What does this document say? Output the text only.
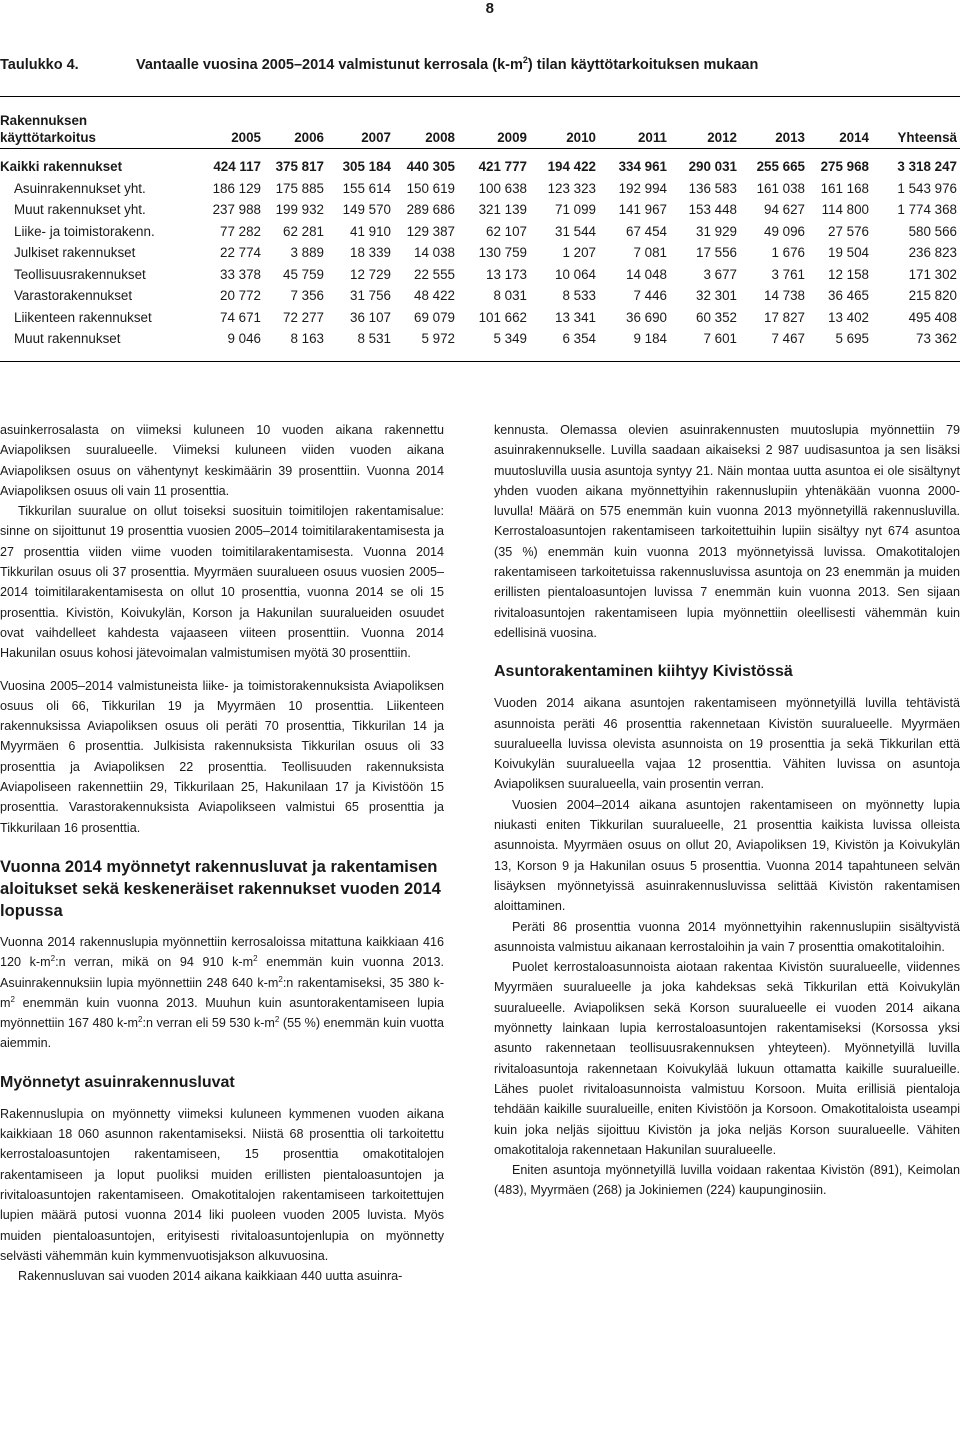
8
Taulukko 4.	Vantaalle vuosina 2005–2014 valmistunut kerrosala $(k-m^2)$ tilan käyttötarkoituksen mukaan
Rakennuksen
käyttötarkoitus	2005	2006	2007	2008	2009	2010	2011	2012	2013	2014	Yhteensä
Kaikki rakennukset	424 117	375 817	305 184	440 305	421 777	194 422	334 961	290 031	255 665	275 968	3 318 247
Asuinrakennukset yht.	186 129	175 885	155 614	150 619	100 638	123 323	192 994	136 583	161 038	161 168	1 543 976
Muut rakennukset yht.	237 988	199 932	149 570	289 686	321 139	71 099	141 967	153 448	94 627	114 800	1 774 368
Liike- ja toimistorakenn.	77 282	62 281	41 910	129 387	62 107	31 544	67 454	31 929	49 096	27 576	580 566
Julkiset rakennukset	22 774	3 889	18 339	14 038	130 759	1 207	7 081	17 556	1 676	19 504	236 823
Teollisuusrakennukset	33 378	45 759	12 729	22 555	13 173	10 064	14 048	3 677	3 761	12 158	171 302
Varastorakennukset	20 772	7 356	31 756	48 422	8 031	8 533	7 446	32 301	14 738	36 465	215 820
Liikenteen rakennukset	74 671	72 277	36 107	69 079	101 662	13 341	36 690	60 352	17 827	13 402	495 408
Muut rakennukset	9 046	8 163	8 531	5 972	5 349	6 354	9 184	7 601	7 467	5 695	73 362

asuinkerrosalasta on viimeksi kuluneen 10 vuoden aikana rakennettu Aviapoliksen suuralueelle. Viimeksi kuluneen viiden vuoden aikana Aviapoliksen osuus on vähentynyt keskimäärin 39 prosenttiin. Vuonna 2014 Aviapoliksen osuus oli vain 11 prosenttia.

Tikkurilan suuralue on ollut toiseksi suosituin toimitilojen rakentamisalue: sinne on sijoittunut 19 prosenttia vuosien 2005–2014 toimitilarakentamisesta ja 27 prosenttia viiden viime vuoden toimitilarakentamisesta. Vuonna 2014 Tikkurilan osuus oli 37 prosenttia. Myyrmäen suuralueen osuus vuosien 2005–2014 toimitilarakentamisesta on ollut 10 prosenttia, vuonna 2014 se oli 15 prosenttia. Kivistön, Koivukylän, Korson ja Hakunilan suuralueiden osuudet ovat vaihdelleet kahdesta vajaaseen viiteen prosenttiin. Vuonna 2014 Hakunilan osuus kohosi jätevoimalan valmistumisen myötä 30 prosenttiin.

Vuosina 2005–2014 valmistuneista liike- ja toimistorakennuksista Aviapoliksen osuus oli 66, Tikkurilan 19 ja Myyrmäen 10 prosenttia. Liikenteen rakennuksissa Aviapoliksen osuus oli peräti 70 prosenttia, Tikkurilan 14 ja Myyrmäen 6 prosenttia. Julkisista rakennuksista Tikkurilan osuus oli 33 prosenttia ja Aviapoliksen 22 prosenttia. Teollisuuden rakennuksista Aviapoliseen rakennettiin 29, Tikkurilaan 25, Hakunilaan 17 ja Kivistöön 15 prosenttia. Varastorakennuksista Aviapolikseen valmistui 65 prosenttia ja Tikkurilaan 16 prosenttia.

Vuonna 2014 myönnetyt rakennusluvat ja rakentamisen aloitukset sekä keskeneräiset rakennukset vuoden 2014 lopussa

Vuonna 2014 rakennuslupia myönnettiin kerrosaloissa mitattuna kaikkiaan 416 120 $k-m^2:n$ verran, mikä on 94 910 $k-m^2$ enemmän kuin vuonna 2013. Asuinrakennuksiin lupia myönnettiin 248 640 $k-m^2:n$ rakentamiseksi, 35 380 $k-m^2$ enemmän kuin vuonna 2013. Muuhun kuin asuntorakentamiseen lupia myönnettiin 167 480 $k-m^2:n$ verran eli 59 530 $k-m^2$ (55 %) enemmän kuin vuotta aiemmin.

Myönnetyt asuinrakennusluvat

Rakennuslupia on myönnetty viimeksi kuluneen kymmenen vuoden aikana kaikkiaan 18 060 asunnon rakentamiseksi. Niistä 68 prosenttia oli tarkoitettu kerrostaloasuntojen rakentamiseen, 15 prosenttia omakotitalojen rakentamiseen ja loput puoliksi muiden erillisten pientaloasuntojen ja rivitaloasuntojen rakentamiseen. Omakotitalojen rakentamiseen tarkoitettujen lupien määrä putosi vuonna 2014 liki puoleen vuoden 2005 luvista. Myös muiden pientaloasuntojen, erityisesti rivitaloasuntojenlupia on myönnetty selvästi vähemmän kuin kymmenvuotisjakson alkuvuosina.

Rakennusluvan sai vuoden 2014 aikana kaikkiaan 440 uutta asuinra-

kennusta. Olemassa olevien asuinrakennusten muutoslupia myönnettiin 79 asuinrakennukselle. Luvilla saadaan aikaiseksi 2 987 uudisasuntoa ja sen lisäksi muutosluvilla uusia asuntoja syntyy 21. Näin montaa uutta asuntoa ei ole sisältynyt yhden vuoden aikana myönnettyihin rakennuslupiin yhtenäkään vuonna 2000-luvulla! Määrä on 575 enemmän kuin vuonna 2013 myönnetyillä rakennusluvilla. Kerrostaloasuntojen rakentamiseen tarkoitettuihin lupiin sisältyy nyt 674 asuntoa (35 %) enemmän kuin vuonna 2013 myönnetyissä luvissa. Omakotitalojen rakentamiseen tarkoitetuissa rakennusluvissa asuntoja on 23 enemmän ja muiden erillisten pientaloasuntojen luvissa 7 enemmän kuin vuonna 2013. Sen sijaan rivitaloasuntojen rakentamiseen lupia myönnettiin oleellisesti vähemmän kuin edellisinä vuosina.

Asuntorakentaminen kiihtyy Kivistössä

Vuoden 2014 aikana asuntojen rakentamiseen myönnetyillä luvilla tehtävistä asunnoista peräti 46 prosenttia rakennetaan Kivistön suuralueelle. Myyrmäen suuralueella luvissa olevista asunnoista on 19 prosenttia ja sekä Tikkurilan että Koivukylän suuralueella vajaa 12 prosenttia. Vähiten luvissa on asuntoja Aviapoliksen suuralueella, vain prosentin verran.

Vuosien 2004–2014 aikana asuntojen rakentamiseen on myönnetty lupia niukasti eniten Tikkurilan suuralueelle, 21 prosenttia kaikista luvissa olleista asunnoista. Myyrmäen osuus on ollut 20, Aviapoliksen 19, Kivistön ja Koivukylän 13, Korson 9 ja Hakunilan osuus 5 prosenttia. Vuonna 2014 tapahtuneen selvän lisäyksen myönnetyissä asuinrakennusluvissa selittää Kivistön rakentamisen aloittaminen.

Peräti 86 prosenttia vuonna 2014 myönnettyihin rakennuslupiin sisältyvistä asunnoista valmistuu aikanaan kerrostaloihin ja vain 7 prosenttia omakotitaloihin.

Puolet kerrostaloasunnoista aiotaan rakentaa Kivistön suuralueelle, viidennes Myyrmäen suuralueelle ja joka kahdeksas sekä Tikkurilan että Koivukylän suuralueelle. Aviapoliksen sekä Korson suuralueelle ei vuoden 2014 aikana myönnetty lainkaan lupia kerrostaloasuntojen rakentamiseksi (Korsossa yksi asunto rakennetaan teollisuusrakennuksen yhteyteen). Myönnetyillä luvilla rivitaloasuntoja rakennetaan Koivukylää lukuun ottamatta kaikille suuralueille. Lähes puolet rivitaloasunnoista valmistuu Korsoon. Muita erillisiä pientaloja tehdään kaikille suuralueille, eniten Kivistöön ja Korsoon. Omakotitaloista useampi kuin joka neljäs sijoittuu Kivistön ja joka neljäs Korson suuralueelle. Vähiten omakotitaloja rakennetaan Hakunilan suuralueelle.

Eniten asuntoja myönnetyillä luvilla voidaan rakentaa Kivistön (891), Keimolan (483), Myyrmäen (268) ja Jokiniemen (224) kaupunginosiin.
